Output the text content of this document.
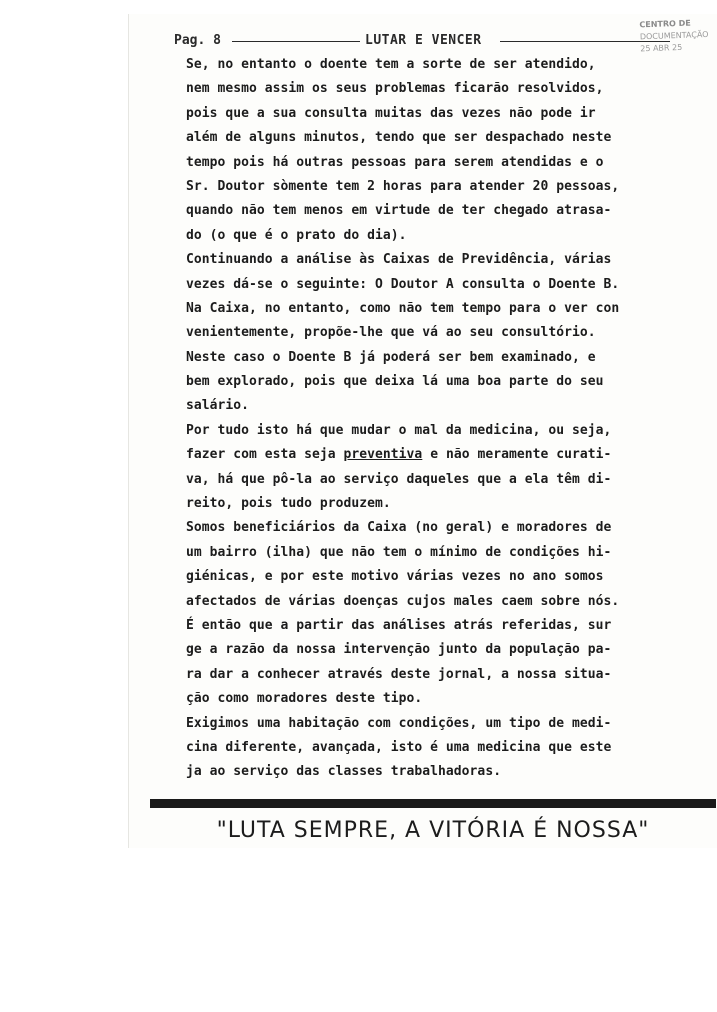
CENTRO DE
DOCUMENTAÇÃO
25 ABR 25
Pag. 8	LUTAR E VENCER
Se, no entanto o doente tem a sorte de ser atendido,
nem mesmo assim os seus problemas ficarão resolvidos,
pois que a sua consulta muitas das vezes não pode ir
além de alguns minutos, tendo que ser despachado neste
tempo pois há outras pessoas para serem atendidas e o
Sr. Doutor sòmente tem 2 horas para atender 20 pessoas,
quando não tem menos em virtude de ter chegado atrasa-
do (o que é o prato do dia).
Continuando a análise às Caixas de Previdência, várias
vezes dá-se o seguinte: O Doutor A consulta o Doente B.
Na Caixa, no entanto, como não tem tempo para o ver con
venientemente, propõe-lhe que vá ao seu consultório.
Neste caso o Doente B já poderá ser bem examinado, e
bem explorado, pois que deixa lá uma boa parte do seu
salário.
Por tudo isto há que mudar o mal da medicina, ou seja,
fazer com esta seja preventiva e não meramente curati-
va, há que pô-la ao serviço daqueles que a ela têm di-
reito, pois tudo produzem.
Somos beneficiários da Caixa (no geral) e moradores de
um bairro (ilha) que não tem o mínimo de condições hi-
giénicas, e por este motivo várias vezes no ano somos
afectados de várias doenças cujos males caem sobre nós.
É então que a partir das análises atrás referidas, sur
ge a razão da nossa intervenção junto da população pa-
ra dar a conhecer através deste jornal, a nossa situa-
ção como moradores deste tipo.
Exigimos uma habitação com condições, um tipo de medi-
cina diferente, avançada, isto é uma medicina que este
ja ao serviço das classes trabalhadoras.
"LUTA SEMPRE, A VITÓRIA É NOSSA"
